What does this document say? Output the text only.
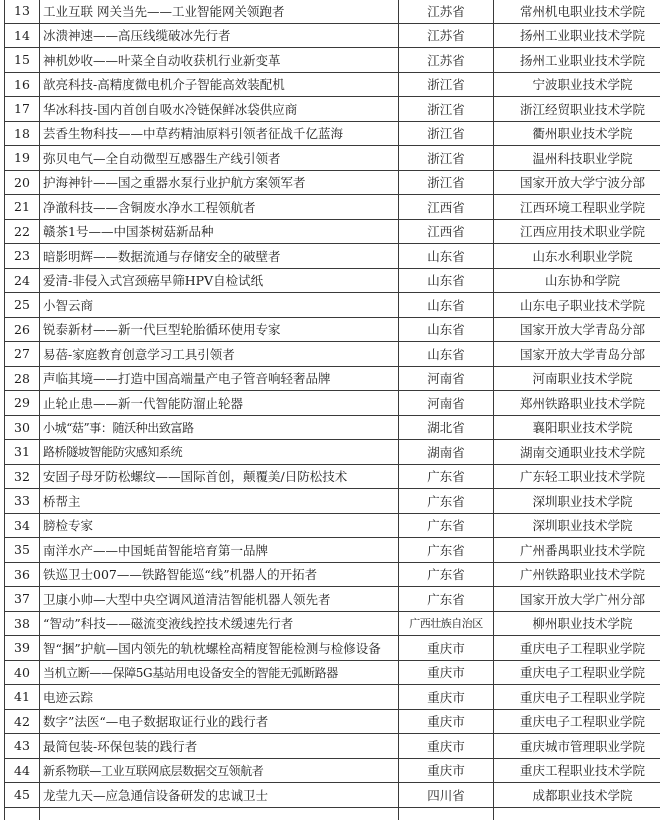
13	工业互联 网关当先——工业智能网关领跑者	江苏省	常州机电职业技术学院
14	冰溃神速——高压线缆破冰先行者	江苏省	扬州工业职业技术学院
15	神机妙收——叶菜全自动收获机行业新变革	江苏省	扬州工业职业技术学院
16	歆亮科技-高精度微电机介子智能高效装配机	浙江省	宁波职业技术学院
17	华冰科技-国内首创自吸水冷链保鲜冰袋供应商	浙江省	浙江经贸职业技术学院
18	芸香生物科技——中草药精油原料引领者征战千亿蓝海	浙江省	衢州职业技术学院
19	弥贝电气—全自动微型互感器生产线引领者	浙江省	温州科技职业学院
20	护海神针——国之重器水泵行业护航方案领军者	浙江省	国家开放大学宁波分部
21	净澈科技——含铜废水净水工程领航者	江西省	江西环境工程职业学院
22	赣茶1号——中国茶树菇新品种	江西省	江西应用技术职业学院
23	暗影明辉——数据流通与存储安全的破壁者	山东省	山东水利职业学院
24	爱清-非侵入式宫颈癌早筛HPV自检试纸	山东省	山东协和学院
25	小智云商	山东省	山东电子职业技术学院
26	锐泰新材——新一代巨型轮胎循环使用专家	山东省	国家开放大学青岛分部
27	易蓓-家庭教育创意学习工具引领者	山东省	国家开放大学青岛分部
28	声临其境——打造中国高端量产电子管音响轻奢品牌	河南省	河南职业技术学院
29	止轮止患——新一代智能防溜止轮器	河南省	郑州铁路职业技术学院
30	小城“菇”事：随沃种出致富路	湖北省	襄阳职业技术学院
31	路桥隧坡智能防灾感知系统	湖南省	湖南交通职业技术学院
32	安固子母牙防松螺纹——国际首创，颠覆美/日防松技术	广东省	广东轻工职业技术学院
33	桥帮主	广东省	深圳职业技术学院
34	膀检专家	广东省	深圳职业技术学院
35	南洋水产——中国蚝苗智能培育第一品牌	广东省	广州番禺职业技术学院
36	铁巡卫士007——铁路智能巡“线”机器人的开拓者	广东省	广州铁路职业技术学院
37	卫康小帅—大型中央空调风道清洁智能机器人领先者	广东省	国家开放大学广州分部
38	“智动”科技——磁流变液线控技术缓速先行者	广西壮族自治区	柳州职业技术学院
39	智“捆”护航—国内领先的轨枕螺栓高精度智能检测与检修设备	重庆市	重庆电子工程职业学院
40	当机立断——保障5G基站用电设备安全的智能无弧断路器	重庆市	重庆电子工程职业学院
41	电迹云踪	重庆市	重庆电子工程职业学院
42	数字”法医“—电子数据取证行业的践行者	重庆市	重庆电子工程职业学院
43	最简包装-环保包装的践行者	重庆市	重庆城市管理职业学院
44	新系物联—工业互联网底层数据交互领航者	重庆市	重庆工程职业技术学院
45	龙莹九天—应急通信设备研发的忠诚卫士	四川省	成都职业技术学院
